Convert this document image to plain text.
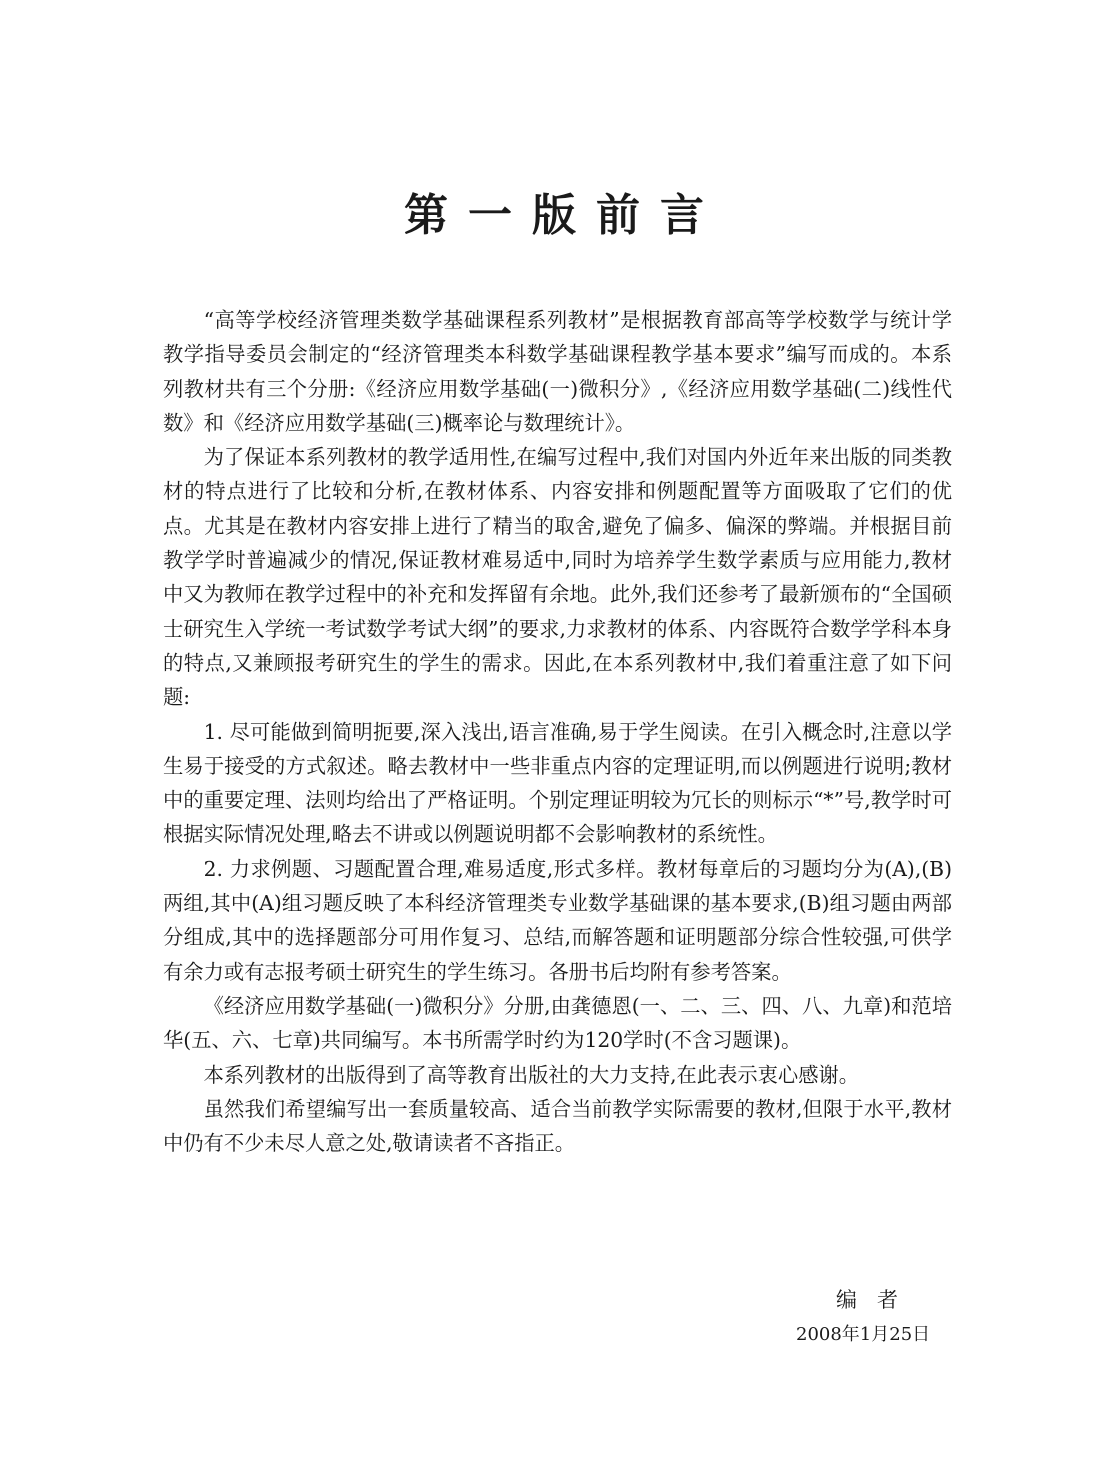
第一版前言

“高等学校经济管理类数学基础课程系列教材”是根据教育部高等学校数学与统计学教学指导委员会制定的“经济管理类本科数学基础课程教学基本要求”编写而成的。本系列教材共有三个分册:《经济应用数学基础(一)微积分》,《经济应用数学基础(二)线性代数》和《经济应用数学基础(三)概率论与数理统计》。

为了保证本系列教材的教学适用性,在编写过程中,我们对国内外近年来出版的同类教材的特点进行了比较和分析,在教材体系、内容安排和例题配置等方面吸取了它们的优点。尤其是在教材内容安排上进行了精当的取舍,避免了偏多、偏深的弊端。并根据目前教学学时普遍减少的情况,保证教材难易适中,同时为培养学生数学素质与应用能力,教材中又为教师在教学过程中的补充和发挥留有余地。此外,我们还参考了最新颁布的“全国硕士研究生入学统一考试数学考试大纲”的要求,力求教材的体系、内容既符合数学学科本身的特点,又兼顾报考研究生的学生的需求。因此,在本系列教材中,我们着重注意了如下问题:

1. 尽可能做到简明扼要,深入浅出,语言准确,易于学生阅读。在引入概念时,注意以学生易于接受的方式叙述。略去教材中一些非重点内容的定理证明,而以例题进行说明;教材中的重要定理、法则均给出了严格证明。个别定理证明较为冗长的则标示“*”号,教学时可根据实际情况处理,略去不讲或以例题说明都不会影响教材的系统性。

2. 力求例题、习题配置合理,难易适度,形式多样。教材每章后的习题均分为(A),(B)两组,其中(A)组习题反映了本科经济管理类专业数学基础课的基本要求,(B)组习题由两部分组成,其中的选择题部分可用作复习、总结,而解答题和证明题部分综合性较强,可供学有余力或有志报考硕士研究生的学生练习。各册书后均附有参考答案。

《经济应用数学基础(一)微积分》分册,由龚德恩(一、二、三、四、八、九章)和范培华(五、六、七章)共同编写。本书所需学时约为120学时(不含习题课)。

本系列教材的出版得到了高等教育出版社的大力支持,在此表示衷心感谢。

虽然我们希望编写出一套质量较高、适合当前教学实际需要的教材,但限于水平,教材中仍有不少未尽人意之处,敬请读者不吝指正。

编者
2008年1月25日
